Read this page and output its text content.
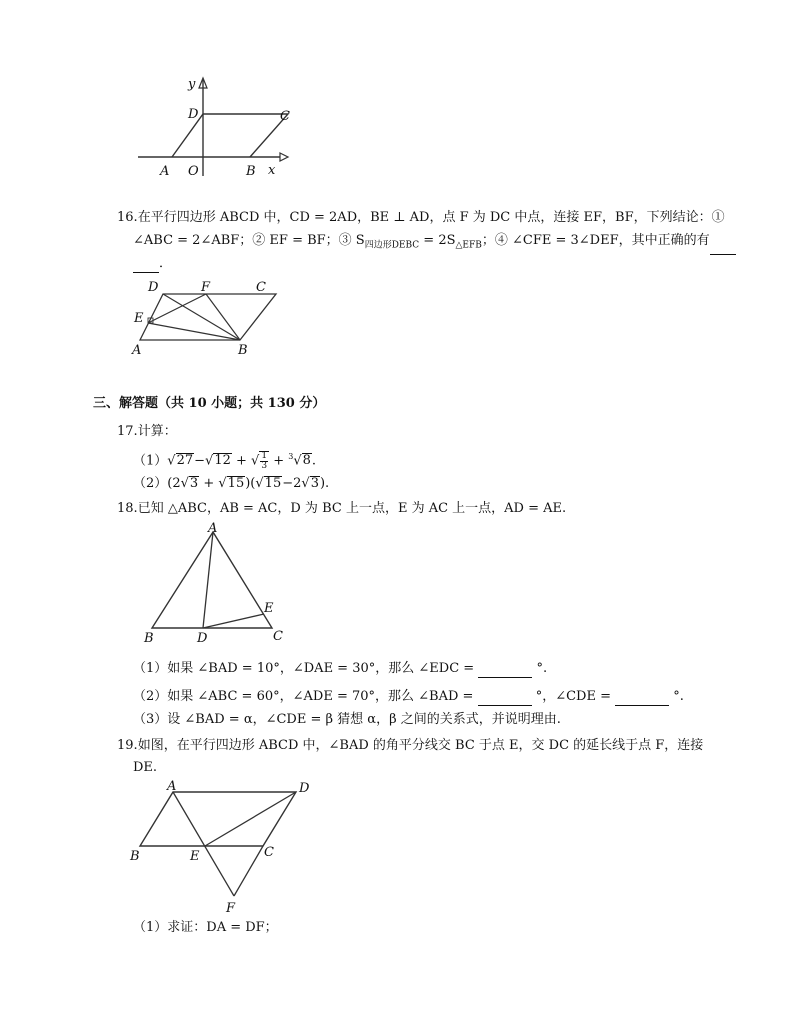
y
x
D	C
A O	B
16.在平行四边形 ABCD 中，CD = 2AD，BE ⊥ AD，点 F 为 DC 中点，连接 EF，BF，下列结论：①
∠ABC = 2∠ABF；② EF = BF；③ $S_{四边形DEBC} = 2S_{\triangle EFB}$；④ ∠CFE = 3∠DEF，其中正确的有
．
D	F	C
E
A	B
三、解答题（共 10 小题；共 130 分）
17.计算：
（1）√27−√12 + √ $\frac{1}{3} + ^3√8$.
（2）(2√3 + √15)(√15−2√3).
18.已知 △ABC，AB = AC，D 为 BC 上一点，E 为 AC 上一点，AD = AE.
A
E
B	D	C
（1）如果 ∠BAD = 10°，∠DAE = 30°，那么 ∠EDC =	°.
（2）如果 ∠ABC = 60°，∠ADE = 70°，那么 ∠BAD =	°，∠CDE =	°.
（3）设 ∠BAD = α，∠CDE = β 猜想 α，β 之间的关系式，并说明理由.
19.如图，在平行四边形 ABCD 中，∠BAD 的角平分线交 BC 于点 E，交 DC 的延长线于点 F，连接
DE.
A	D
B	E	C
F
（1）求证：DA = DF；
